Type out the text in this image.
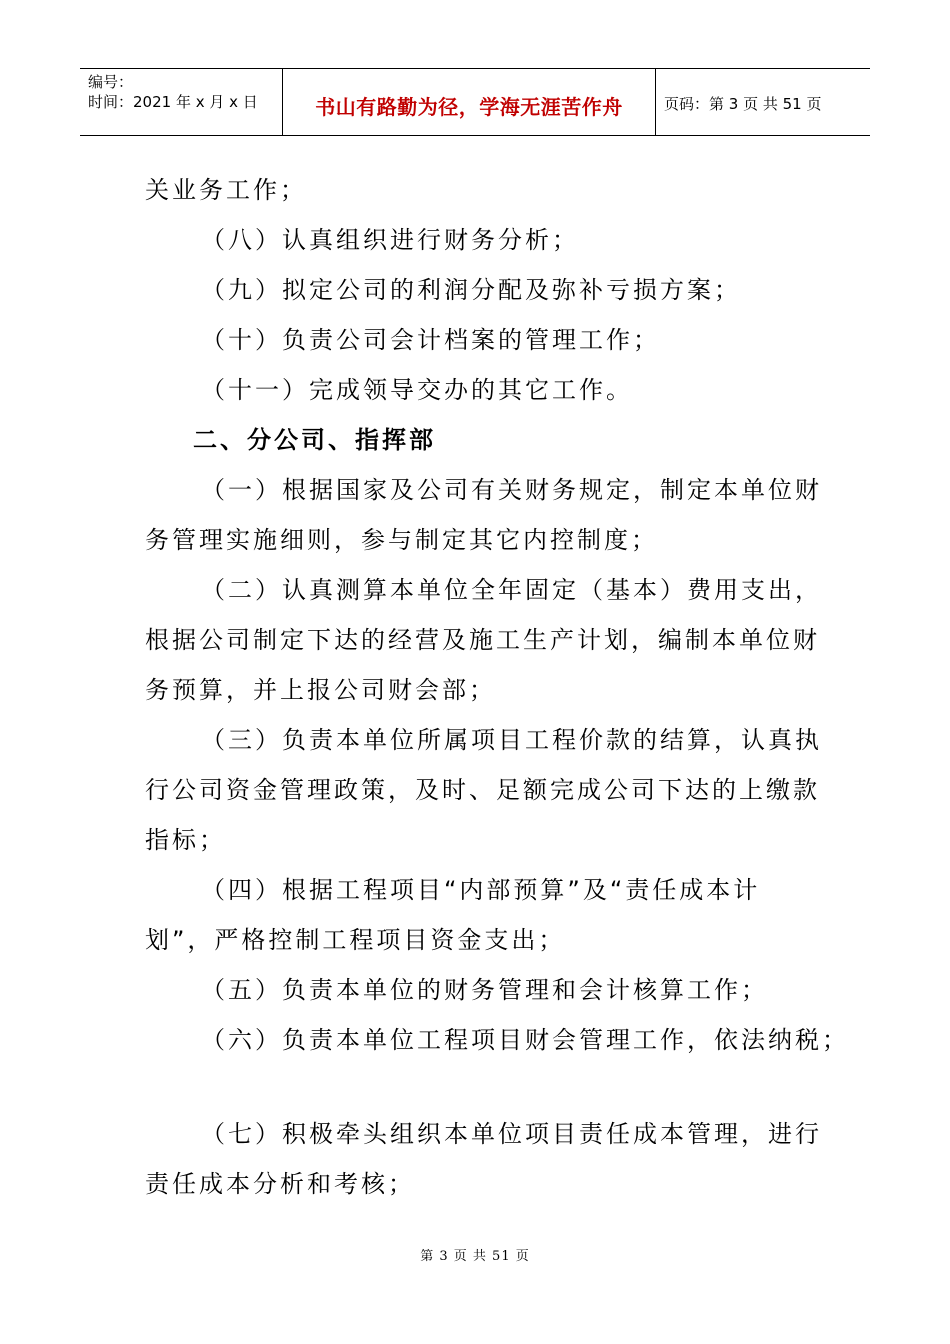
编号：
时间：2021 年 x 月 x 日	书山有路勤为径，学海无涯苦作舟	页码：第 3 页 共 51 页

关业务工作；

（八）认真组织进行财务分析；

（九）拟定公司的利润分配及弥补亏损方案；

（十）负责公司会计档案的管理工作；

（十一）完成领导交办的其它工作。

二、分公司、指挥部

（一）根据国家及公司有关财务规定，制定本单位财

务管理实施细则，参与制定其它内控制度；

（二）认真测算本单位全年固定（基本）费用支出，

根据公司制定下达的经营及施工生产计划，编制本单位财

务预算，并上报公司财会部；

（三）负责本单位所属项目工程价款的结算，认真执

行公司资金管理政策，及时、足额完成公司下达的上缴款

指标；

（四）根据工程项目“内部预算”及“责任成本计

划”，严格控制工程项目资金支出；

（五）负责本单位的财务管理和会计核算工作；

（六）负责本单位工程项目财会管理工作，依法纳税；

（七）积极牵头组织本单位项目责任成本管理，进行

责任成本分析和考核；

第 3 页 共 51 页
